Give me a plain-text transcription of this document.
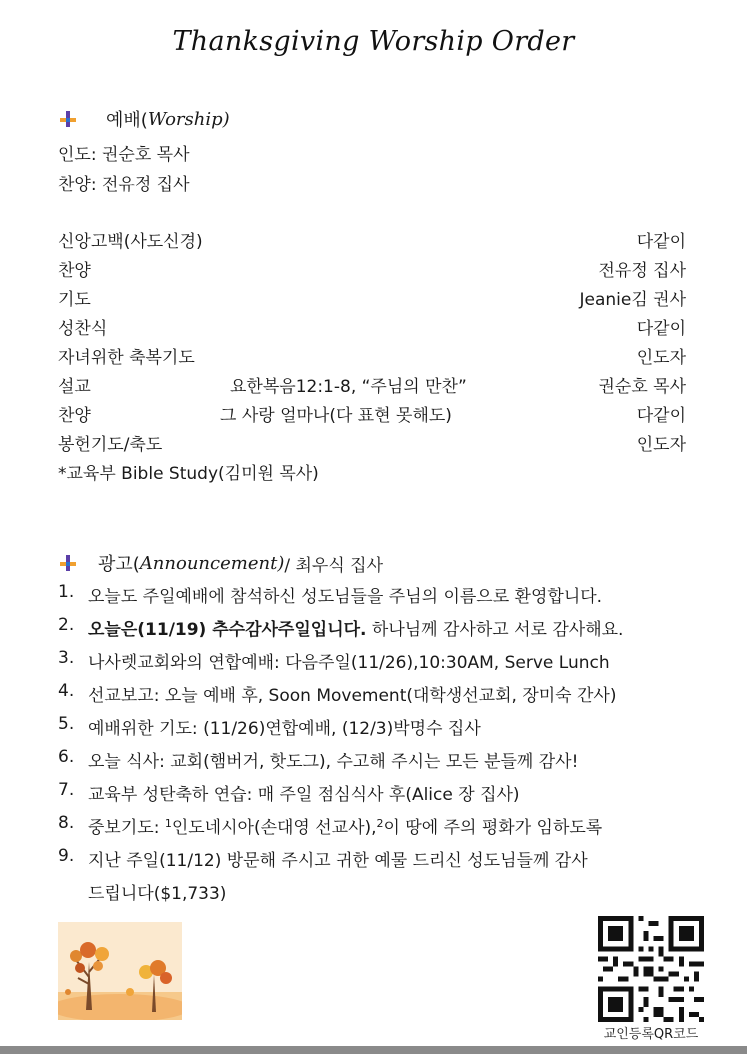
Thanksgiving Worship Order
예배( Worship )
인도: 권순호 목사
찬양: 전유정 집사
신앙고백(사도신경)	다같이
찬양	전유정 집사
기도	Jeanie김 권사
성찬식	다같이
자녀위한 축복기도	인도자
설교	요한복음12:1-8, “주님의 만찬”	권순호 목사
찬양	그 사랑 얼마나(다 표현 못해도)	다같이
봉헌기도/축도	인도자
*교육부 Bible Study(김미원 목사)
광고( Announcement ) / 최우식 집사
1. 오늘도 주일예배에 참석하신 성도님들을 주님의 이름으로 환영합니다.
2. 오늘은(11/19) 추수감사주일입니다. 하나님께 감사하고 서로 감사해요.
3. 나사렛교회와의 연합예배: 다음주일(11/26),10:30AM, Serve Lunch
4. 선교보고: 오늘 예배 후, Soon Movement(대학생선교회, 장미숙 간사)
5. 예배위한 기도: (11/26)연합예배, (12/3)박명수 집사
6. 오늘 식사: 교회(햄버거, 핫도그), 수고해 주시는 모든 분들께 감사!
7. 교육부 성탄축하 연습: 매 주일 점심식사 후(Alice 장 집사)
8. 중보기도: $^1$인도네시아(손대영 선교사),$^2$이 땅에 주의 평화가 임하도록
9. 지난 주일(11/12) 방문해 주시고 귀한 예물 드리신 성도님들께 감사
드립니다($1,733)
교인등록QR코드
